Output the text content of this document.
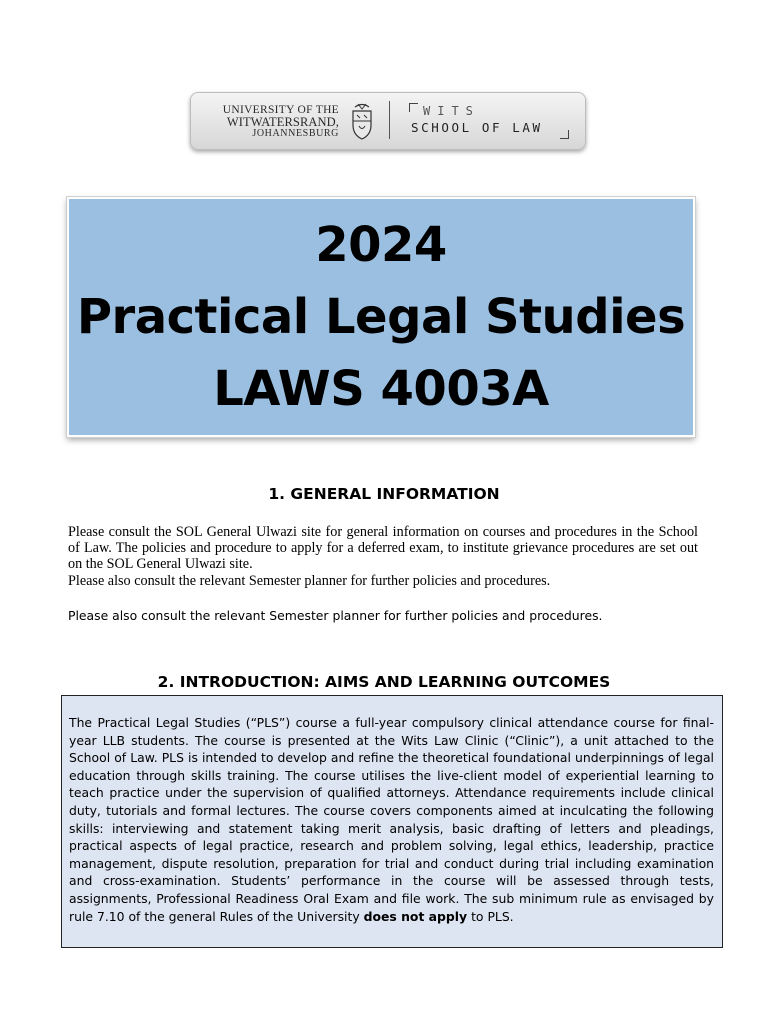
UNIVERSITY OF THE
WITWATERSRAND,
JOHANNESBURG
WITS
SCHOOL OF LAW
2024
Practical Legal Studies
LAWS 4003A
1. GENERAL INFORMATION
Please consult the SOL General Ulwazi site for general information on courses and procedures in the School of Law. The policies and procedure to apply for a deferred exam, to institute grievance procedures are set out on the SOL General Ulwazi site.
Please also consult the relevant Semester planner for further policies and procedures.
Please also consult the relevant Semester planner for further policies and procedures.
2. INTRODUCTION: AIMS AND LEARNING OUTCOMES
The Practical Legal Studies (“PLS”) course a full-year compulsory clinical attendance course for final-year LLB students. The course is presented at the Wits Law Clinic (“Clinic”), a unit attached to the School of Law. PLS is intended to develop and refine the theoretical foundational underpinnings of legal education through skills training. The course utilises the live-client model of experiential learning to teach practice under the supervision of qualified attorneys. Attendance requirements include clinical duty, tutorials and formal lectures. The course covers components aimed at inculcating the following skills: interviewing and statement taking merit analysis, basic drafting of letters and pleadings, practical aspects of legal practice, research and problem solving, legal ethics, leadership, practice management, dispute resolution, preparation for trial and conduct during trial including examination and cross-examination. Students’ performance in the course will be assessed through tests, assignments, Professional Readiness Oral Exam and file work. The sub minimum rule as envisaged by rule 7.10 of the general Rules of the University does not apply to PLS.
